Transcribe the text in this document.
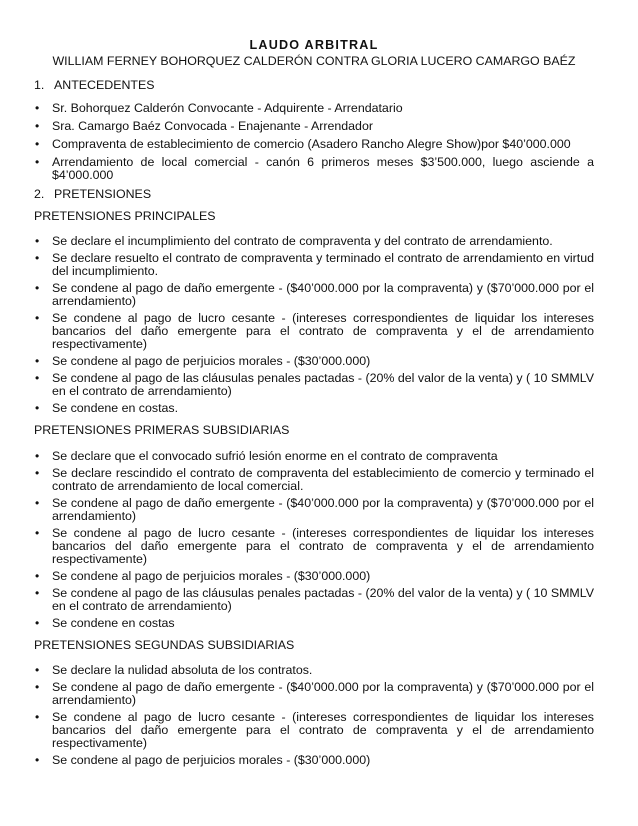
LAUDO ARBITRAL

WILLIAM FERNEY BOHORQUEZ CALDERÓN CONTRA GLORIA LUCERO CAMARGO BAÉZ

1. ANTECEDENTES

• Sr. Bohorquez Calderón Convocante - Adquirente - Arrendatario
• Sra. Camargo Baéz Convocada - Enajenante - Arrendador
• Compraventa de establecimiento de comercio (Asadero Rancho Alegre Show)por $40’000.000
• Arrendamiento de local comercial - canón 6 primeros meses $3’500.000, luego asciende a $4’000.000

2. PRETENSIONES

PRETENSIONES PRINCIPALES

• Se declare el incumplimiento del contrato de compraventa y del contrato de arrendamiento.
• Se declare resuelto el contrato de compraventa y terminado el contrato de arrendamiento en virtud del incumplimiento.
• Se condene al pago de daño emergente - ($40’000.000 por la compraventa) y ($70’000.000 por el arrendamiento)
• Se condene al pago de lucro cesante - (intereses correspondientes de liquidar los intereses bancarios del daño emergente para el contrato de compraventa y el de arrendamiento respectivamente)
• Se condene al pago de perjuicios morales - ($30’000.000)
• Se condene al pago de las cláusulas penales pactadas - (20% del valor de la venta) y ( 10 SMMLV en el contrato de arrendamiento)
• Se condene en costas.

PRETENSIONES PRIMERAS SUBSIDIARIAS

• Se declare que el convocado sufrió lesión enorme en el contrato de compraventa
• Se declare rescindido el contrato de compraventa del establecimiento de comercio y terminado el contrato de arrendamiento de local comercial.
• Se condene al pago de daño emergente - ($40’000.000 por la compraventa) y ($70’000.000 por el arrendamiento)
• Se condene al pago de lucro cesante - (intereses correspondientes de liquidar los intereses bancarios del daño emergente para el contrato de compraventa y el de arrendamiento respectivamente)
• Se condene al pago de perjuicios morales - ($30’000.000)
• Se condene al pago de las cláusulas penales pactadas - (20% del valor de la venta) y ( 10 SMMLV en el contrato de arrendamiento)
• Se condene en costas

PRETENSIONES SEGUNDAS SUBSIDIARIAS

• Se declare la nulidad absoluta de los contratos.
• Se condene al pago de daño emergente - ($40’000.000 por la compraventa) y ($70’000.000 por el arrendamiento)
• Se condene al pago de lucro cesante - (intereses correspondientes de liquidar los intereses bancarios del daño emergente para el contrato de compraventa y el de arrendamiento respectivamente)
• Se condene al pago de perjuicios morales - ($30’000.000)
